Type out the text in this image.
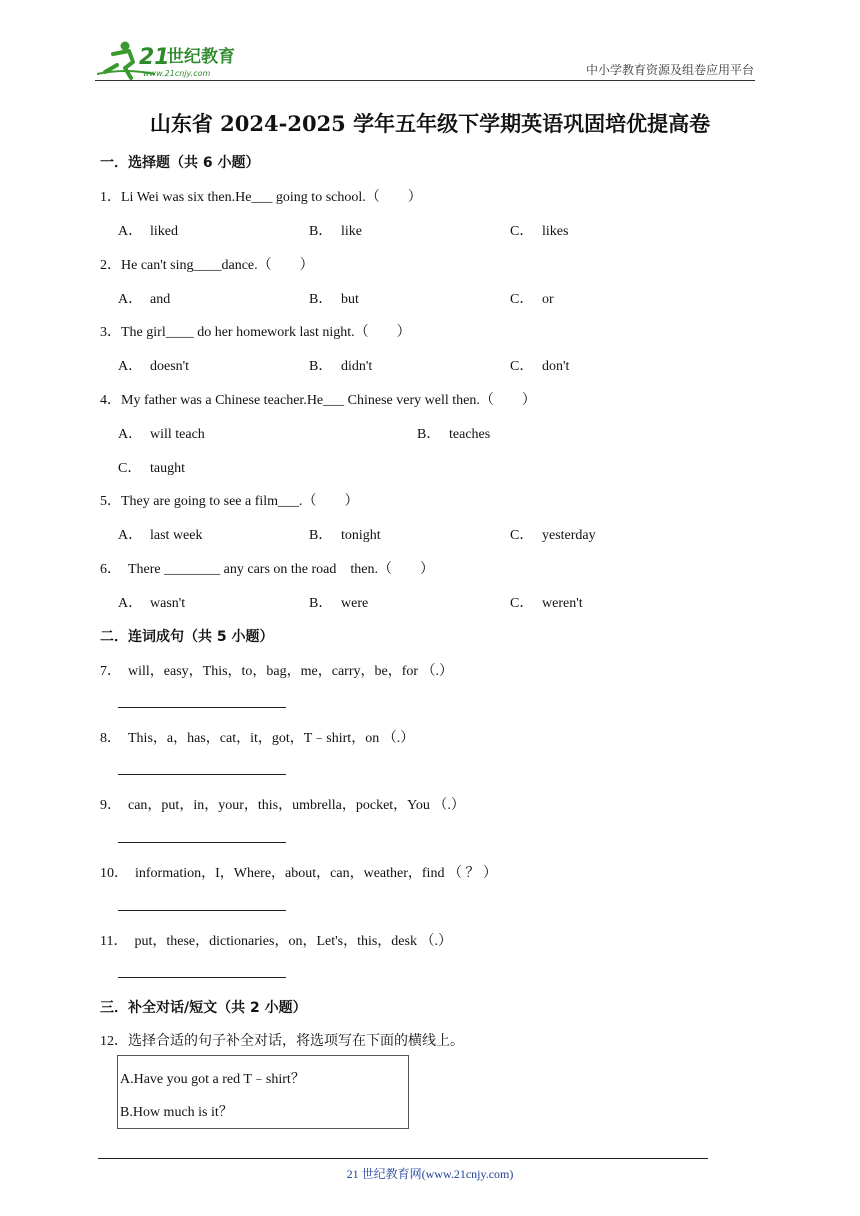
21
世纪教育
www.21cnjy.com	中小学教育资源及组卷应用平台
山东省 2024-2025 学年五年级下学期英语巩固培优提高卷
一．选择题（共 6 小题）
1．Li Wei was six then.He___ going to school.（　　）
A． liked	B． like	C． likes
2．He can't sing____dance.（　　）
A． and	B． but	C． or
3．The girl____ do her homework last night.（　　）
A． doesn't	B． didn't	C． don't
4．My father was a Chinese teacher.He___ Chinese very well then.（　　）
A． will teach	B． teaches
C． taught
5．They are going to see a film___.（　　）
A． last week	B． tonight	C． yesterday
6．　There ________ any cars on the road　then.（　　）
A． wasn't	B． were	C． weren't
二．连词成句（共 5 小题）
7．　will，easy，This，to，bag，me，carry，be，for （.）
8．　This，a，has，cat，it，got，T﹣shirt，on （.）
9．　can，put，in，your，this，umbrella，pocket，You （.）
10．　information，I，Where，about，can，weather，find （ ？ ）
11．　put，these，dictionaries，on，Let's，this，desk （.）
三．补全对话/短文（共 2 小题）
12．选择合适的句子补全对话，将选项写在下面的横线上。
A.Have you got a red T﹣shirt？
B.How much is it？
21 世纪教育网(www.21cnjy.com)
